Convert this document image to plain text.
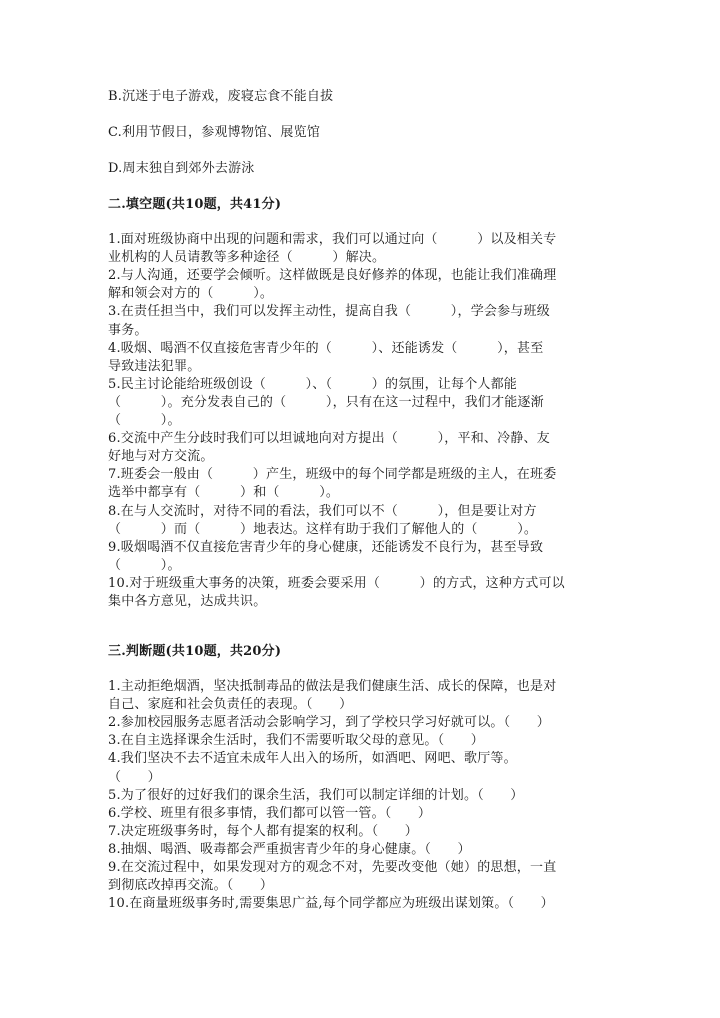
B.沉迷于电子游戏，废寝忘食不能自拔
C.利用节假日，参观博物馆、展览馆
D.周末独自到郊外去游泳
二.填空题(共10题，共41分)
1.面对班级协商中出现的问题和需求，我们可以通过向（　　　）以及相关专
业机构的人员请教等多种途径（　　　）解决。
2.与人沟通，还要学会倾听。这样做既是良好修养的体现，也能让我们准确理
解和领会对方的（　　　）。
3.在责任担当中，我们可以发挥主动性，提高自我（　　　），学会参与班级
事务。
4.吸烟、喝酒不仅直接危害青少年的（　　　）、还能诱发（　　　），甚至
导致违法犯罪。
5.民主讨论能给班级创设（　　　）、（　　　）的氛围，让每个人都能
（　　　）。充分发表自己的（　　　），只有在这一过程中，我们才能逐渐
（　　　）。
6.交流中产生分歧时我们可以坦诚地向对方提出（　　　），平和、冷静、友
好地与对方交流。
7.班委会一般由（　　　）产生，班级中的每个同学都是班级的主人，在班委
选举中都享有（　　　）和（　　　）。
8.在与人交流时，对待不同的看法，我们可以不（　　　），但是要让对方
（　　　）而（　　　）地表达。这样有助于我们了解他人的（　　　）。
9.吸烟喝酒不仅直接危害青少年的身心健康，还能诱发不良行为，甚至导致
（　　　）。
10.对于班级重大事务的决策，班委会要采用（　　　）的方式，这种方式可以
集中各方意见，达成共识。
三.判断题(共10题，共20分)
1.主动拒绝烟酒，坚决抵制毒品的做法是我们健康生活、成长的保障，也是对
自己、家庭和社会负责任的表现。（　　）
2.参加校园服务志愿者活动会影响学习，到了学校只学习好就可以。（　　）
3.在自主选择课余生活时，我们不需要听取父母的意见。（　　）
4.我们坚决不去不适宜未成年人出入的场所，如酒吧、网吧、歌厅等。
（　　）
5.为了很好的过好我们的课余生活，我们可以制定详细的计划。（　　）
6.学校、班里有很多事情，我们都可以管一管。（　　）
7.决定班级事务时，每个人都有提案的权利。（　　）
8.抽烟、喝酒、吸毒都会严重损害青少年的身心健康。（　　）
9.在交流过程中，如果发现对方的观念不对，先要改变他（她）的思想，一直
到彻底改掉再交流。（　　）
10.在商量班级事务时,需要集思广益,每个同学都应为班级出谋划策。（　　）
